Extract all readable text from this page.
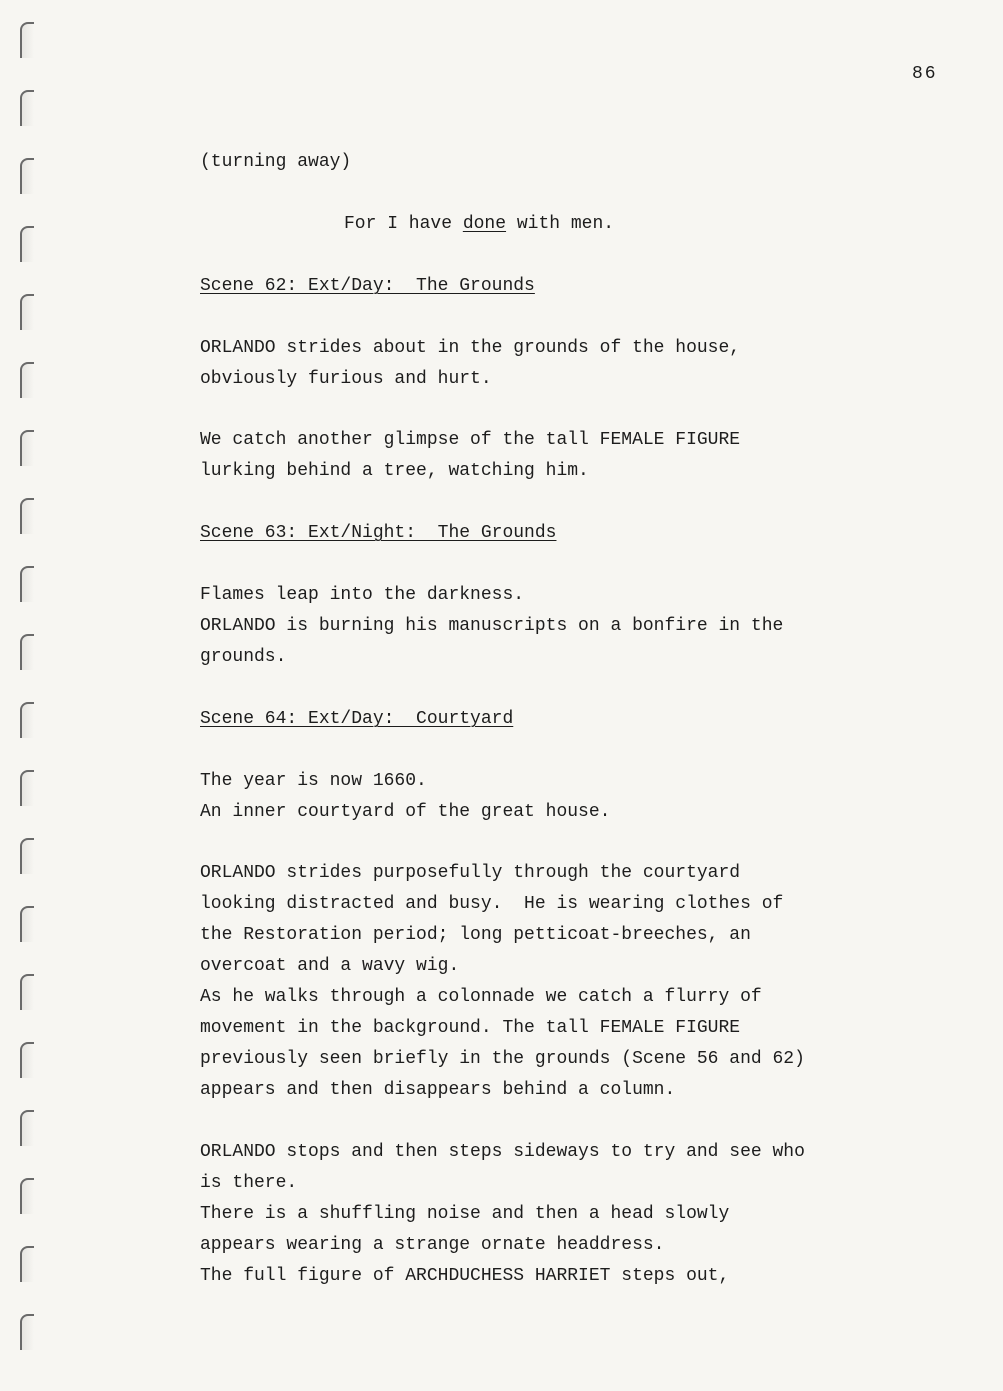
86
(turning away)
For I have done with men.
Scene 62: Ext/Day:  The Grounds
ORLANDO strides about in the grounds of the house,
obviously furious and hurt.
We catch another glimpse of the tall FEMALE FIGURE
lurking behind a tree, watching him.
Scene 63: Ext/Night:  The Grounds
Flames leap into the darkness.
ORLANDO is burning his manuscripts on a bonfire in the
grounds.
Scene 64: Ext/Day:  Courtyard
The year is now 1660.
An inner courtyard of the great house.
ORLANDO strides purposefully through the courtyard
looking distracted and busy.  He is wearing clothes of
the Restoration period; long petticoat-breeches, an
overcoat and a wavy wig.
As he walks through a colonnade we catch a flurry of
movement in the background. The tall FEMALE FIGURE
previously seen briefly in the grounds (Scene 56 and 62)
appears and then disappears behind a column.
ORLANDO stops and then steps sideways to try and see who
is there.
There is a shuffling noise and then a head slowly
appears wearing a strange ornate headdress.
The full figure of ARCHDUCHESS HARRIET steps out,
